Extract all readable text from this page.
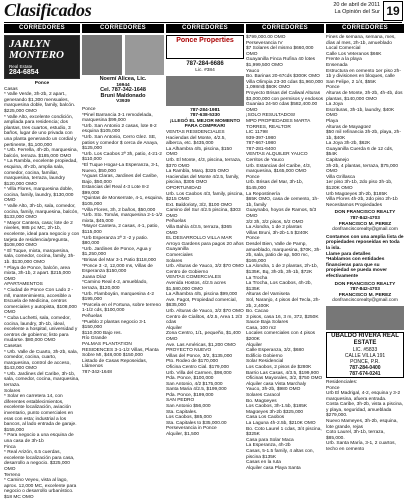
Clasificados	20 de abril de 2011
La Opinión del Sur 19
CORREDORES
JARLYN
MONTERO
Real Estate
284-6854
Ponce
Casas
* Valle Verde, 3h-2b, 2 apart., generando $1,300 mensuales, marquesina doble, family, balcón. $225,000 OMO
* Valle Alto, excelente condición, ampliada para residencia; dos plantas, tres cuartos, estudio, 3 baños, lugar de uno privada con una planta generando un cordial y pertinente, $1,100,000
* Urb. Ferrella, 4h-2b, marquesina, balcón, terraza. $185,000 OMO
* La Rambla, excelente propiedad, esquina, 4h-2b, amplia sala, comedor, cocina, familiar, marquesina, terraza, laundry $120,000 OMO
* Villa Flores, marquesina doble, cocina, family, laundry, $130,000 OMO
* Valle Alto, 3h-1b, sala, comedor, cocina, family, marquesina, balcón, $133,000 OMO
* Mayor Cantera, casa; lote de 2 niveles, 985 pc MC, 2h-1b, excelente, ideal para negocio y con tarjeta de residencia/pregunta, $108,000 OMO
* El Tuque, mixta, marquesina, sala, comedor, cocina, family, 3h-1b. $130,000 OMO
* Playa de Ponce, balcón, area mixta, 3h-1b, 2 apart. $215,000 OMO
APARTAMENTOS
* Ciudad de Ponce Con Lado 2 - mll, mantenimiento, accesible a Escuela de Medicina, centros comerciales y autopista, $108,000 OMO
* Cuba Luchetti, sala, comedor, cocina, laundry, 3h-1b, ideal, excelente a hospital, universidad y centros de gobierno; listo para mudarse. $80,000 OMO
Casetas
* Urb. Valle de Cuarto, 3h-2b, sala, comedor, cocina, cuarto, marquesina, control de acceso, $143,000 OMO
* Urb. Jardines del Caribe, 3h-1b, sala, comedor, cocina, marquesina, terraza.
Solares
* Solar en carretera 14, con diferentes establecimientos, excelente localización, aviación inventario, punto comerciales en eras con esta; industrial a los bancos, al lado entrada de garaje. $155,000
* Para negocio a una esquina de una casa de 3h-1b
Finca
* Real Arizón, 6.5 cuerdas, excelente localización para casa, desarrollo a negocio. $325,000 OMO
Terreno
* Camino Veyeu, vista al lago, aprox. 12,000 MC, excelente para negocio o desarrollo urbanístico. $18 MC OMO
CORREDORES
Noemí Alicea, Lic.
16944
Cel. 787-342-1648
Bruni Maldonado
V3939
Ponce
*Pinel Barrancia 3-1 remodelada, marquesina $99,000
*Urb. San Antonio 2 casas, lote 8-2 esquina $105,000
*Urb. San Antonio, Cerro Glez. SE, patios y comedor $ cerca de Anaya, $125,000
*Urb. Los Caobos 2ª 3h, patio, 4-21-2 $110,000
*El Tuque Hogar-La Esperanza, 3-1, Nuevo, $50,000
*Aguas Claras, Jardines del Caribe, Bajo, $50,000
Estancias del Real 4-3 Lote 8-2 $99,000
*Quintas de Monserrate, 4-1, esquina, $105,000
*Villa Flores, 3h, 2 baños, $50,000
*Urb. Sto. Tomás, marquesina 2-1-1/2 mixta, $45,000
*Mayor Cantera, 2 casas, 4-1, patio, $115,000
*Urb Esperanza 2ª 3 -2 y patio. $80,000
*Urb. Jardines de Ponce, Agua y $1,250,000
*Brisas del Mar 3-1 Patio $118,000
*Ponce 3 -2, 12,000 ms, Villas de Esperanza $150,000
Juana Díaz
*Camino Real 4-2, amueblado, terraza, $120,000
*Urb. Flamboyán, marquesina 4-2 $195,000
*Parcela en el Fortuna, sobre terreno 1-1/2 cds, $100,000
Peñuelas
*Pueblo 2 plantas negocio 3-1 $150,000
$110,000 Bajo res.
Río Grande
PALMAS PLANTATION RESIDENCES 3-1-1/2 Villas, Planta Sobre MI, $48,000 $150,000
Listado de Casas Reposeidas, Llámenos
787-342-1648
CORREDORES
Ponce Properties
787-284-6686
Lic. #384
787-284-1981
787-638-5330
¡LLEGÓ EL MEJOR MOMENTO PARA COMPRAR!
VENTAS RESIDENCIALES
Haciendas del Monte, 4/2.5, alberca, etc. $435,000
La Alhambra 4/5, piscina, $150 OMO
Urb. El Monte, 4/3, piscina, terraza, $370 OMO
La Rambla, Marq. $325 OMO
Haciendas del Monte 4/2.5, family, piscina, $305 OMO
OPORTUNIDAD
Urb. Los Caobos 4/3, family, piscina, $215 OMO
Ext. Baldorioty, 3/2, $100 OMO
Camino del Sur 4/2.5 piscina, $303 OMO
Peñuelas
Villa Bahía 4/3.5, terraza, $365 OMO
EL DESARROLLO VILLA MAR
Arroyo Gardens para pagos 20 años
Guayanilla
Comerciales
Solares
Urb. Alturas de Yauco, 3/2 $70 OMO
Centro de Gobierno
VENTAS COMERCIALES
Avenida Hostos, 4/2.5 acres $1,580,000 OMO
La Alhambra 4/5, piscina $99,000
Ave. Fagot, Propiedad comercial, $635,000
Urb. Alturas de Yauco, 3/2 $70 OMO
Centro de Cialitos, 4/2.5, Area 1 2/3 cdas
Alquiler
Zona Centro, 1/1, pequeño, $1,400 OMO
Ave. Las Américas, $1,200 OMO
PROYECTO NUEVO
Villas del Ponce, 3/2, $135,000
Pto. Rodeo de $170,000
Oficina Centro Cial. $179,000
Urb. Villa del Carmen, $98,000
Pda. Ponce, $100,000
San Antonio, 4/2 $175,000
Santa Maria 4/2.5, $199,000
Pda. Ponce, $199,000
SAN PEDRO
San Antonio $56,000
Sta. Capitales.
Los Caobos, $85,000
Sta. Capitales to $35,000.00
Perseverancia in Ponce
Alquiler, $1,500
CORREDORES
$799,000.00 OMO
Perseverancia IV
$7 Solares del mismo $660,000 OMO
Guayanilla Finca Rufina 40 lotes $1,999,500 OMO
Yauco
Bo. Barinas 20-67cds $300K OMO
Villa Olimpia 23-30 cdas $1,960,000
1,098m$ $60K OMO
Proyecto Brisas del Caliwal Alturas $3,000,000 con permisos y endosos
Guaniao 24-50 cdas $582,400.00 OMO
¡SOLO RESULTADOS!
MPD PROPIEDADES MARTA TORRES, REALTOR
LIC 11798
939-397-1980
787-667-1980
787-281-6400
VENTAS ALQUILER YAUCO
Cerritos de Yauco
Urb. Estancias del Caribe, 4/3, marquesina, $165,000 OMO
Ponce
Urb. Brisas del Mar, 3h-1b, $145,000
La Repostinería
$65K OMO, casa de cemento, 1h-1b, family
Guaynabo, hoyos de Ramos, 5/3 OMO
3/2 3h, 3/2 pisos, 5/2 OMO
La Alondra, 1 de 2 plantas
Villas Bruni, 3h-2b-1.5 $240K
Ponce
Desdel Bien, Valle de Pamp, amueblado, marquesina, $70K, 3h-2b, sala, patio de ap, 500 mc, $165,000
La Alondra, 1 de 2 plantas, 2h-1b, $135K, Bq, 3h-2b, 3h-1b, $72K
La Trocha
La Trocha, Los Caobos, 4h-2b, $135K
Alturas del Vamiseta
Sol, Naranjo, 4 pisos del Tecla, 2h-2b, 2,400K
Bo. Cacao
3 pisos, casa 16, 3 m, 372, $250K
Sauce Baja Solares
Casa, 100 m2
Locales comerciales con 4 pisos $200K
Alquiler
Calle Esperanza, 3/2, $680
Edificio Gobierno
Solar Residencial
Los Caobos, 2 pisos de $280K
Barrio Las Casas, 4/3.5, $199,900
Oficinas Mayorales, 3/2, $750 OMO
Alquiler casa Vista Marchaly
Yauco, 3h-2b, $980 OMO
Solares Caracol
Bo. Magüeyes
Los Caobos, 3h-1.5b, $185K
Magüeyes 3h-2b $325,000
Casa Los Caobos
La Laguna 4h-2.5b, $210K OMO
Bo. Coto Laurel 1 cdas, 3/4 piscina, $325K
Casa para Solar Maca
La Esperanza, 4h-2b
Casas, 5-1.5 family, 4 altas con, piscina $135K
Casas en la ruta
Alquiler casa Playa Santa
CORREDORES
Fines de semana, semana, mes, días al mes, 2h-1b, amueblado
Local Comercial
Calle Los Veteranos $66K
Frente a la playa
Ensenada
Estructura en cemento 1er piso 2h-1b y divisiones en bloques, calle San Felipe, 2 1/4, $55K
Ponce
Alturas de Monte, 3h-2b, 4h-4b, dos plantas, $140,000 OMO
La Joya
Escrituras, 3h-1b, laundry, $40K OMO
Playa
Alturas de Mayagüez
$50 mil refinancia 3h-2b, playa, 2h-1b, $40K
La Joya 3h-2b, $62K
Guayanilla Cuerda 6 de 12 cds, $54K
Capitanejo
3h-2b, 4 plantas, terraza, $75,000 OMO
Villa Grillasca
1er piso 3h-1b, 2do piso 3h-1b, $120K OMO
Urb Magüeyes 3h-2b, $185K
Villa Flores 4h-2b, 2do piso 2h-1b
Necesitamos Propiedades
DON FRANCISCO REALTY
787-842-4703
FRANCISCO M. PEREZ
donfranciscorealty@gmail.com
Contamos con una amplia lista de propiedades reposeídas en toda la isla.
Llame para detalles
*Hablamos con entidades financieras para que su propiedad se pueda mover efectivamente
DON FRANCISCO REALTY
787-842-4703
FRANCISCO M. PEREZ
donfranciscorealty@gmail.com
UBALDO RIVERA REAL ESTATE
LIC. #5833
CALLE VILLA 191
PONCE, P.R.
787-284-0400
787-674-0241
Residenciales:
Ponce
Urb El Madrigal, 4-2, esquina y 3-2 marquesina, afuera entrada.
Costa Caribe, 3h-2b, vista a piscina, y playa, seguridad, amueblada $279,000.
Nuevo Mameyes, 3h-2b, esquina, lote grande, rejas
Coto Laurel, 3h-1b, terraza, $85,000.
Urb. Santa María, 3-1, 2 cuartos, techo en cemento
